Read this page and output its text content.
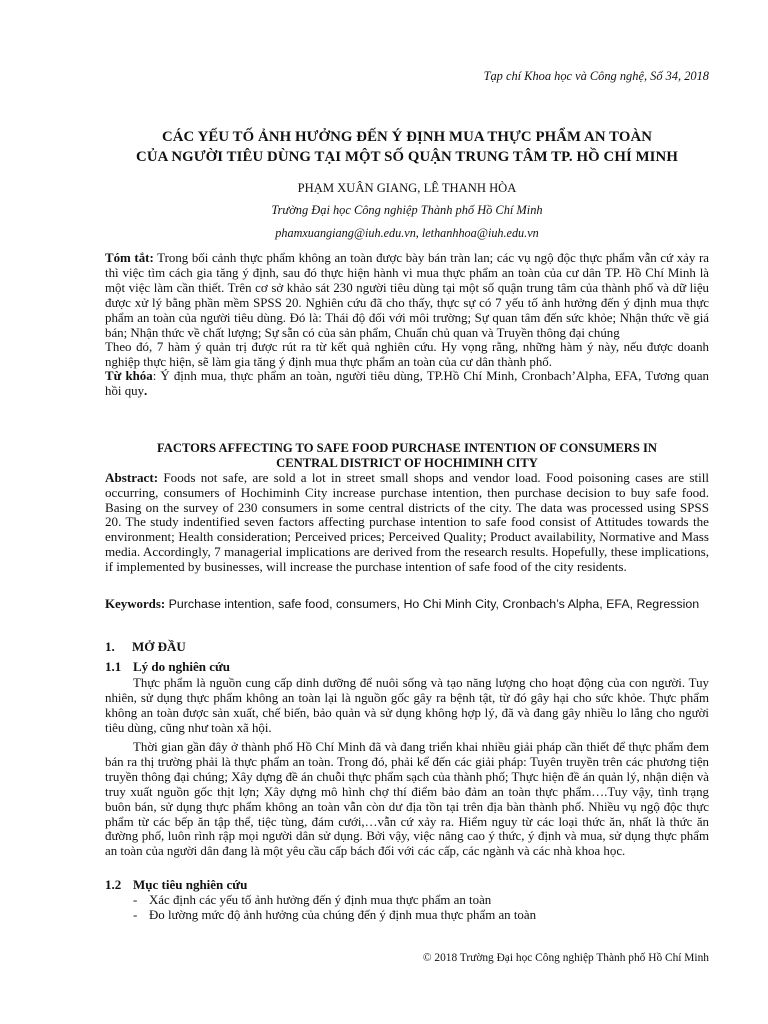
Tạp chí Khoa học và Công nghệ, Số 34, 2018
CÁC YẾU TỐ ẢNH HƯỞNG ĐẾN Ý ĐỊNH MUA THỰC PHẨM AN TOÀN
CỦA NGƯỜI TIÊU DÙNG TẠI MỘT SỐ QUẬN TRUNG TÂM TP. HỒ CHÍ MINH
PHẠM XUÂN GIANG, LÊ THANH HÒA
Trường Đại học Công nghiệp Thành phố Hồ Chí Minh
phamxuangiang@iuh.edu.vn, lethanhhoa@iuh.edu.vn
Tóm tắt: Trong bối cảnh thực phẩm không an toàn được bày bán tràn lan; các vụ ngộ độc thực phẩm vẫn cứ xảy ra thì việc tìm cách gia tăng ý định, sau đó thực hiện hành vi mua thực phẩm an toàn của cư dân TP. Hồ Chí Minh là một việc làm cần thiết. Trên cơ sở khảo sát 230 người tiêu dùng tại một số quận trung tâm của thành phố và dữ liệu được xử lý bằng phần mềm SPSS 20. Nghiên cứu đã cho thấy, thực sự có 7 yếu tố ảnh hưởng đến ý định mua thực phẩm an toàn của người tiêu dùng. Đó là: Thái độ đối với môi trường; Sự quan tâm đến sức khỏe; Nhận thức về giá bán; Nhận thức về chất lượng; Sự sẵn có của sản phẩm, Chuẩn chủ quan và Truyền thông đại chúng
Theo đó, 7 hàm ý quản trị được rút ra từ kết quả nghiên cứu. Hy vọng rằng, những hàm ý này, nếu được doanh nghiệp thực hiện, sẽ làm gia tăng ý định mua thực phẩm an toàn của cư dân thành phố.
Từ khóa: Ý định mua, thực phẩm an toàn, người tiêu dùng, TP.Hồ Chí Minh, Cronbach’Alpha, EFA, Tương quan hồi quy.
FACTORS AFFECTING TO SAFE FOOD PURCHASE INTENTION OF CONSUMERS IN
CENTRAL DISTRICT OF HOCHIMINH CITY
Abstract: Foods not safe, are sold a lot in street small shops and vendor load. Food poisoning cases are still occurring, consumers of Hochiminh City increase purchase intention, then purchase decision to buy safe food. Basing on the survey of 230 consumers in some central districts of the city. The data was processed using SPSS 20. The study indentified seven factors affecting purchase intention to safe food consist of Attitudes towards the environment; Health consideration; Perceived prices; Perceived Quality; Product availability, Normative and Mass media. Accordingly, 7 managerial implications are derived from the research results. Hopefully, these implications, if implemented by businesses, will increase the purchase intention of safe food of the city residents.
Keywords: Purchase intention, safe food, consumers, Ho Chi Minh City, Cronbach’s Alpha, EFA, Regression
1. MỞ ĐẦU
1.1 Lý do nghiên cứu
Thực phẩm là nguồn cung cấp dinh dưỡng để nuôi sống và tạo năng lượng cho hoạt động của con người. Tuy nhiên, sử dụng thực phẩm không an toàn lại là nguồn gốc gây ra bệnh tật, từ đó gây hại cho sức khỏe. Thực phẩm không an toàn được sản xuất, chế biến, bảo quản và sử dụng không hợp lý, đã và đang gây nhiều lo lắng cho người tiêu dùng, cũng như toàn xã hội.
Thời gian gần đây ở thành phố Hồ Chí Minh đã và đang triển khai nhiều giải pháp cần thiết để thực phẩm đem bán ra thị trường phải là thực phẩm an toàn. Trong đó, phải kể đến các giải pháp: Tuyên truyền trên các phương tiện truyền thông đại chúng; Xây dựng đề án chuỗi thực phẩm sạch của thành phố; Thực hiện đề án quản lý, nhận diện và truy xuất nguồn gốc thịt lợn; Xây dựng mô hình chợ thí điểm bảo đảm an toàn thực phẩm….Tuy vậy, tình trạng buôn bán, sử dụng thực phẩm không an toàn vẫn còn dư địa tồn tại trên địa bàn thành phố. Nhiều vụ ngộ độc thực phẩm từ các bếp ăn tập thể, tiệc tùng, đám cưới,…vẫn cứ xảy ra. Hiểm nguy từ các loại thức ăn, nhất là thức ăn đường phố, luôn rình rập mọi người dân sử dụng. Bởi vậy, việc nâng cao ý thức, ý định và mua, sử dụng thực phẩm an toàn của người dân đang là một yêu cầu cấp bách đối với các cấp, các ngành và các nhà khoa học.
1.2 Mục tiêu nghiên cứu
- Xác định các yếu tố ảnh hưởng đến ý định mua thực phẩm an toàn
- Đo lường mức độ ảnh hưởng của chúng đến ý định mua thực phẩm an toàn
© 2018 Trường Đại học Công nghiệp Thành phố Hồ Chí Minh
